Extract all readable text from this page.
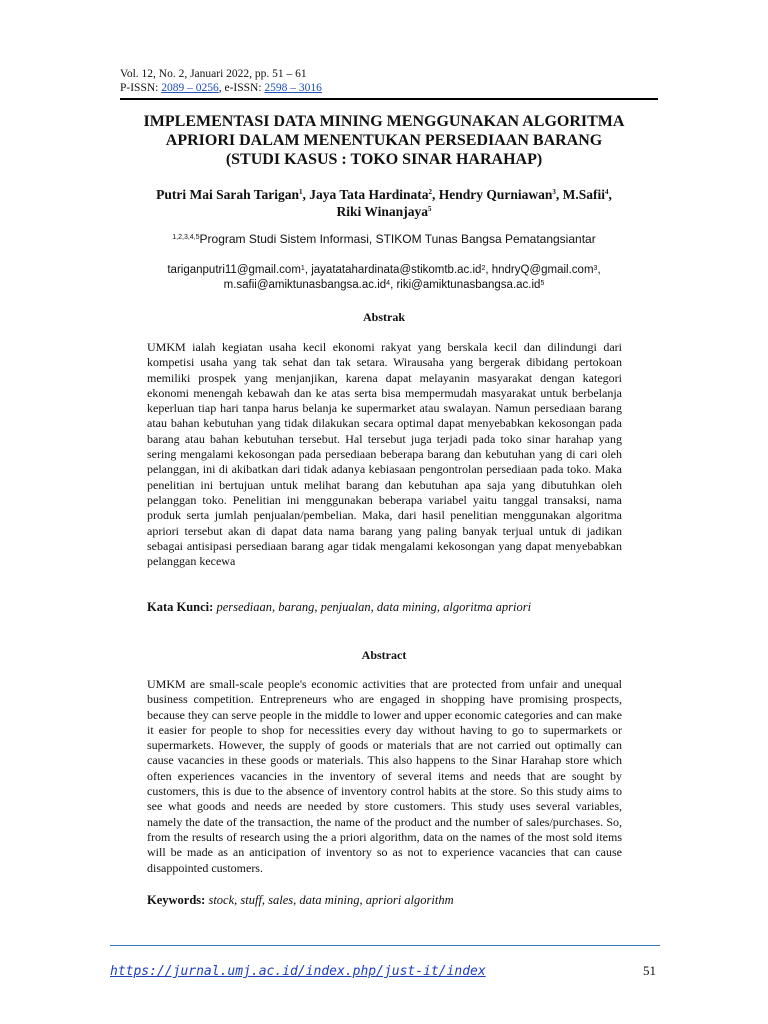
Vol. 12, No. 2, Januari 2022, pp. 51 – 61
P-ISSN: 2089 – 0256, e-ISSN: 2598 – 3016
IMPLEMENTASI DATA MINING MENGGUNAKAN ALGORITMA
APRIORI DALAM MENENTUKAN PERSEDIAAN BARANG
(STUDI KASUS : TOKO SINAR HARAHAP)
Putri Mai Sarah Tarigan$^1$, Jaya Tata Hardinata$^2$, Hendry Qurniawan$^3$, M.Safii$^4$,
Riki Winanjaya$^5$
$^{1,2,3,4,5}$Program Studi Sistem Informasi, STIKOM Tunas Bangsa Pematangsiantar
tariganputri11@gmail.com$^1$, $jayatatahardinata@stikomtb.ac.id^2$, hndryQ@gmail.com$^3$,
$m.safii@amiktunasbangsa.ac.id^4$, $riki@amiktunasbangsa.ac.id^5$
Abstrak
UMKM ialah kegiatan usaha kecil ekonomi rakyat yang berskala kecil dan dilindungi dari kompetisi usaha yang tak sehat dan tak setara. Wirausaha yang bergerak dibidang pertokoan memiliki prospek yang menjanjikan, karena dapat melayanin masyarakat dengan kategori ekonomi menengah kebawah dan ke atas serta bisa mempermudah masyarakat untuk berbelanja keperluan tiap hari tanpa harus belanja ke supermarket atau swalayan. Namun persediaan barang atau bahan kebutuhan yang tidak dilakukan secara optimal dapat menyebabkan kekosongan pada barang atau bahan kebutuhan tersebut. Hal tersebut juga terjadi pada toko sinar harahap yang sering mengalami kekosongan pada persediaan beberapa barang dan kebutuhan yang di cari oleh pelanggan, ini di akibatkan dari tidak adanya kebiasaan pengontrolan persediaan pada toko. Maka penelitian ini bertujuan untuk melihat barang dan kebutuhan apa saja yang dibutuhkan oleh pelanggan toko. Penelitian ini menggunakan beberapa variabel yaitu tanggal transaksi, nama produk serta jumlah penjualan/pembelian. Maka, dari hasil penelitian menggunakan algoritma apriori tersebut akan di dapat data nama barang yang paling banyak terjual untuk di jadikan sebagai antisipasi persediaan barang agar tidak mengalami kekosongan yang dapat menyebabkan pelanggan kecewa
Kata Kunci: persediaan, barang, penjualan, data mining, algoritma apriori
Abstract
UMKM are small-scale people's economic activities that are protected from unfair and unequal business competition. Entrepreneurs who are engaged in shopping have promising prospects, because they can serve people in the middle to lower and upper economic categories and can make it easier for people to shop for necessities every day without having to go to supermarkets or supermarkets. However, the supply of goods or materials that are not carried out optimally can cause vacancies in these goods or materials. This also happens to the Sinar Harahap store which often experiences vacancies in the inventory of several items and needs that are sought by customers, this is due to the absence of inventory control habits at the store. So this study aims to see what goods and needs are needed by store customers. This study uses several variables, namely the date of the transaction, the name of the product and the number of sales/purchases. So, from the results of research using the a priori algorithm, data on the names of the most sold items will be made as an anticipation of inventory so as not to experience vacancies that can cause disappointed customers.
Keywords: stock, stuff, sales, data mining, apriori algorithm
https://jurnal.umj.ac.id/index.php/just-it/index	51
